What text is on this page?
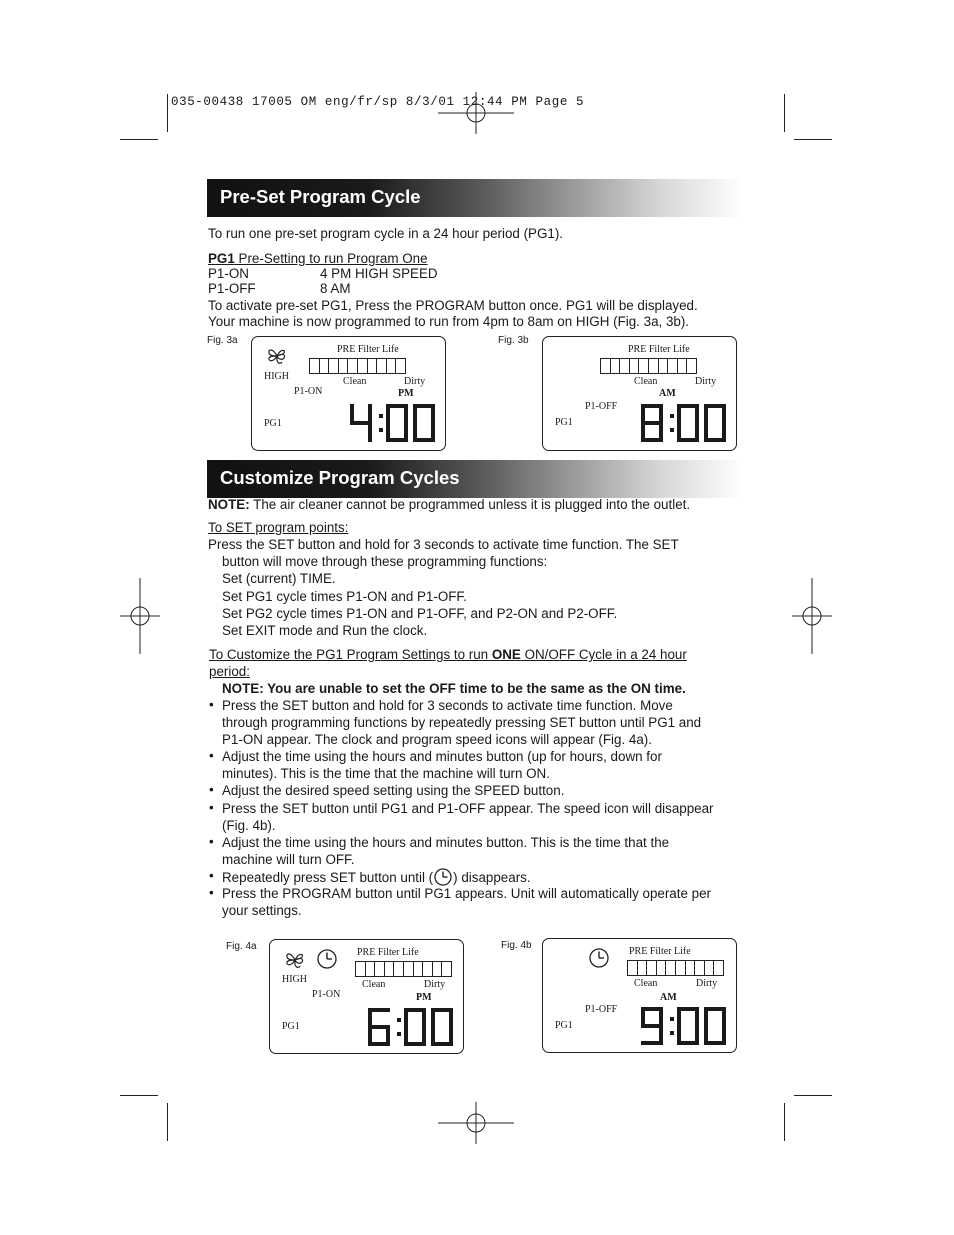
035-00438 17005 OM eng/fr/sp 8/3/01 12:44 PM Page 5
Pre-Set Program Cycle
To run one pre-set program cycle in a 24 hour period (PG1).
PG1 Pre-Setting to run Program One
P1-ON	4 PM HIGH SPEED
P1-OFF	8 AM
To activate pre-set PG1, Press the PROGRAM button once. PG1 will be displayed.
Your machine is now programmed to run from 4pm to 8am on HIGH (Fig. 3a, 3b).
Fig. 3a
PRE Filter Life
Clean	Dirty
HIGH
P1-ON	PM
PG1
Fig. 3b
PRE Filter Life
Clean	Dirty
P1-OFF
AM
PG1
Customize Program Cycles
NOTE: The air cleaner cannot be programmed unless it is plugged into the outlet.
To SET program points:
Press the SET button and hold for 3 seconds to activate time function. The SET
button will move through these programming functions:
Set (current) TIME.
Set PG1 cycle times P1-ON and P1-OFF.
Set PG2 cycle times P1-ON and P1-OFF, and P2-ON and P2-OFF.
Set EXIT mode and Run the clock.
To Customize the PG1 Program Settings to run ONE ON/OFF Cycle in a 24 hour
period:
NOTE: You are unable to set the OFF time to be the same as the ON time.
• Press the SET button and hold for 3 seconds to activate time function. Move
through programming functions by repeatedly pressing SET button until PG1 and
P1-ON appear. The clock and program speed icons will appear (Fig. 4a).
• Adjust the time using the hours and minutes button (up for hours, down for
minutes). This is the time that the machine will turn ON.
• Adjust the desired speed setting using the SPEED button.
• Press the SET button until PG1 and P1-OFF appear. The speed icon will disappear
(Fig. 4b).
• Adjust the time using the hours and minutes button. This is the time that the
machine will turn OFF.
• Repeatedly press SET button until ( ) disappears.
• Press the PROGRAM button until PG1 appears. Unit will automatically operate per
your settings.
Fig. 4a
PRE Filter Life
Clean	Dirty
HIGH
P1-ON	PM
PG1
Fig. 4b
PRE Filter Life
Clean	Dirty
P1-OFF
AM
PG1
